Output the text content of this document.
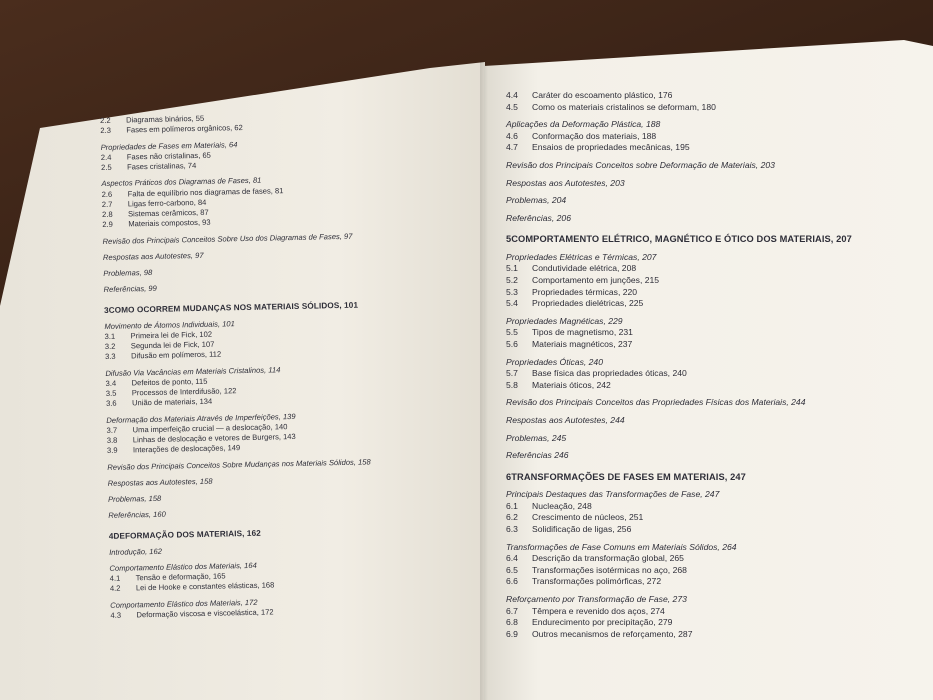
2.2 Diagramas binários, 55
2.3 Fases em polímeros orgânicos, 62
Propriedades de Fases em Materiais, 64
2.4 Fases não cristalinas, 65
2.5 Fases cristalinas, 74
Aspectos Práticos dos Diagramas de Fases, 81
2.6 Falta de equilíbrio nos diagramas de fases, 81
2.7 Ligas ferro-carbono, 84
2.8 Sistemas cerâmicos, 87
2.9 Materiais compostos, 93
Revisão dos Principais Conceitos Sobre Uso dos Diagramas de Fases, 97
Respostas aos Autotestes, 97
Problemas, 98
Referências, 99
3COMO OCORREM MUDANÇAS NOS MATERIAIS SÓLIDOS, 101
Movimento de Átomos Individuais, 101
3.1 Primeira lei de Fick, 102
3.2 Segunda lei de Fick, 107
3.3 Difusão em polímeros, 112
Difusão Via Vacâncias em Materiais Cristalinos, 114
3.4 Defeitos de ponto, 115
3.5 Processos de Interdifusão, 122
3.6 União de materiais, 134
Deformação dos Materiais Através de Imperfeições, 139
3.7 Uma imperfeição crucial — a deslocação, 140
3.8 Linhas de deslocação e vetores de Burgers, 143
3.9 Interações de deslocações, 149
Revisão dos Principais Conceitos Sobre Mudanças nos Materiais Sólidos, 158
Respostas aos Autotestes, 158
Problemas, 158
Referências, 160
4DEFORMAÇÃO DOS MATERIAIS, 162
Introdução, 162
Comportamento Elástico dos Materiais, 164
4.1 Tensão e deformação, 165
4.2 Lei de Hooke e constantes elásticas, 168
Comportamento Elástico dos Materiais, 172
4.3 Deformação viscosa e viscoelástica, 172
4.4 Caráter do escoamento plástico, 176
4.5 Como os materiais cristalinos se deformam, 180
Aplicações da Deformação Plástica, 188
4.6 Conformação dos materiais, 188
4.7 Ensaios de propriedades mecânicas, 195
Revisão dos Principais Conceitos sobre Deformação de Materiais, 203
Respostas aos Autotestes, 203
Problemas, 204
Referências, 206
5COMPORTAMENTO ELÉTRICO, MAGNÉTICO E ÓTICO DOS MATERIAIS, 207
Propriedades Elétricas e Térmicas, 207
5.1 Condutividade elétrica, 208
5.2 Comportamento em junções, 215
5.3 Propriedades térmicas, 220
5.4 Propriedades dielétricas, 225
Propriedades Magnéticas, 229
5.5 Tipos de magnetismo, 231
5.6 Materiais magnéticos, 237
Propriedades Óticas, 240
5.7 Base física das propriedades óticas, 240
5.8 Materiais óticos, 242
Revisão dos Principais Conceitos das Propriedades Físicas dos Materiais, 244
Respostas aos Autotestes, 244
Problemas, 245
Referências 246
6TRANSFORMAÇÕES DE FASES EM MATERIAIS, 247
Principais Destaques das Transformações de Fase, 247
6.1 Nucleação, 248
6.2 Crescimento de núcleos, 251
6.3 Solidificação de ligas, 256
Transformações de Fase Comuns em Materiais Sólidos, 264
6.4 Descrição da transformação global, 265
6.5 Transformações isotérmicas no aço, 268
6.6 Transformações polimórficas, 272
Reforçamento por Transformação de Fase, 273
6.7 Têmpera e revenido dos aços, 274
6.8 Endurecimento por precipitação, 279
6.9 Outros mecanismos de reforçamento, 287
